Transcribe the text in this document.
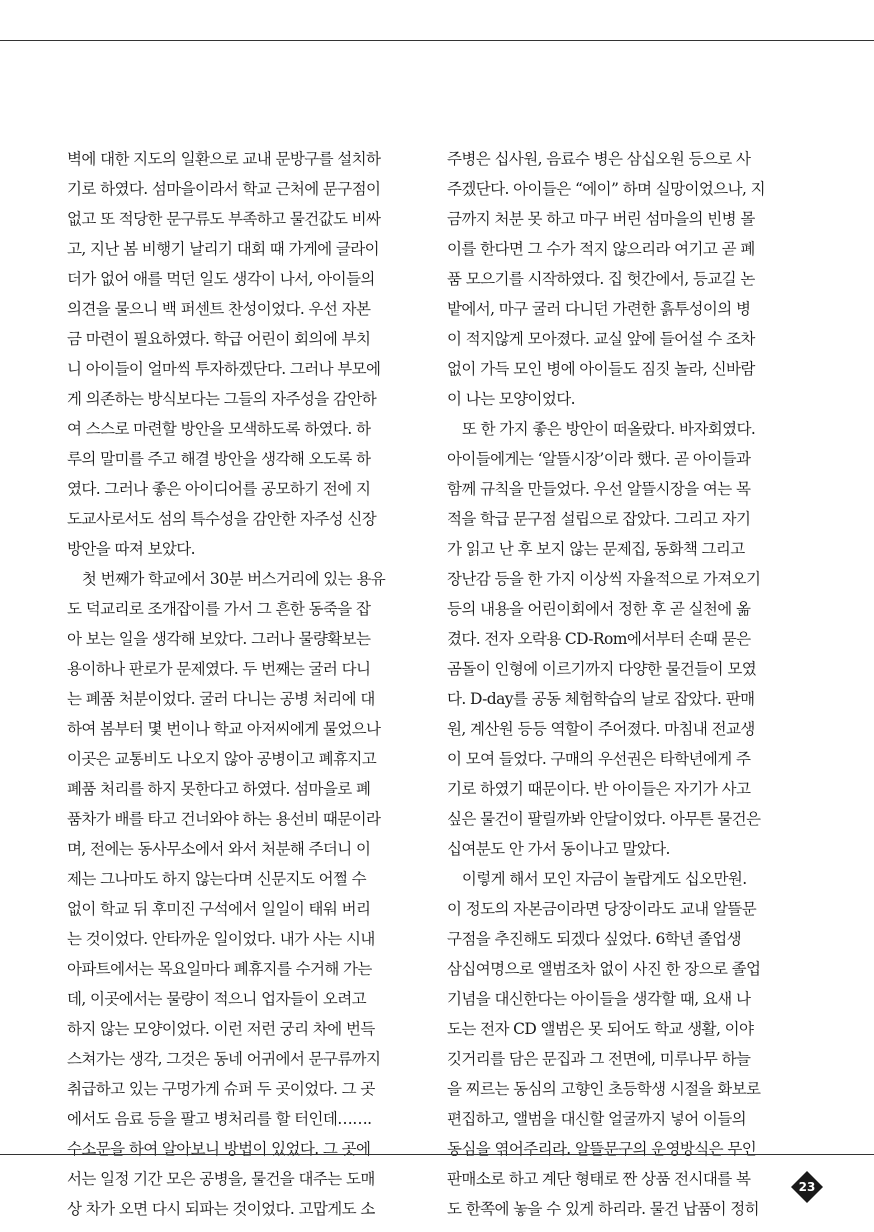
벽에 대한 지도의 일환으로 교내 문방구를 설치하
기로 하였다. 섬마을이라서 학교 근처에 문구점이
없고 또 적당한 문구류도 부족하고 물건값도 비싸
고, 지난 봄 비행기 날리기 대회 때 가게에 글라이
더가 없어 애를 먹던 일도 생각이 나서, 아이들의
의견을 물으니 백 퍼센트 찬성이었다. 우선 자본
금 마련이 필요하였다. 학급 어린이 회의에 부치
니 아이들이 얼마씩 투자하겠단다. 그러나 부모에
게 의존하는 방식보다는 그들의 자주성을 감안하
여 스스로 마련할 방안을 모색하도록 하였다. 하
루의 말미를 주고 해결 방안을 생각해 오도록 하
였다. 그러나 좋은 아이디어를 공모하기 전에 지
도교사로서도 섬의 특수성을 감안한 자주성 신장
방안을 따져 보았다.
　첫 번째가 학교에서 30분 버스거리에 있는 용유
도 덕교리로 조개잡이를 가서 그 흔한 동죽을 잡
아 보는 일을 생각해 보았다. 그러나 물량확보는
용이하나 판로가 문제였다. 두 번째는 굴러 다니
는 폐품 처분이었다. 굴러 다니는 공병 처리에 대
하여 봄부터 몇 번이나 학교 아저씨에게 물었으나
이곳은 교통비도 나오지 않아 공병이고 폐휴지고
폐품 처리를 하지 못한다고 하였다. 섬마을로 폐
품차가 배를 타고 건너와야 하는 용선비 때문이라
며, 전에는 동사무소에서 와서 처분해 주더니 이
제는 그나마도 하지 않는다며 신문지도 어쩔 수
없이 학교 뒤 후미진 구석에서 일일이 태워 버리
는 것이었다. 안타까운 일이었다. 내가 사는 시내
아파트에서는 목요일마다 폐휴지를 수거해 가는
데, 이곳에서는 물량이 적으니 업자들이 오려고
하지 않는 모양이었다. 이런 저런 궁리 차에 번득
스쳐가는 생각, 그것은 동네 어귀에서 문구류까지
취급하고 있는 구멍가게 슈퍼 두 곳이었다. 그 곳
에서도 음료 등을 팔고 병처리를 할 터인데…….
수소문을 하여 알아보니 방법이 있었다. 그 곳에
서는 일정 기간 모은 공병을, 물건을 대주는 도매
상 차가 오면 다시 되파는 것이었다. 고맙게도 소
주병은 십사원, 음료수 병은 삼십오원 등으로 사
주겠단다. 아이들은 “에이” 하며 실망이었으나, 지
금까지 처분 못 하고 마구 버린 섬마을의 빈병 몰
이를 한다면 그 수가 적지 않으리라 여기고 곧 폐
품 모으기를 시작하였다. 집 헛간에서, 등교길 논
밭에서, 마구 굴러 다니던 가련한 흙투성이의 병
이 적지않게 모아졌다. 교실 앞에 들어설 수 조차
없이 가득 모인 병에 아이들도 짐짓 놀라, 신바람
이 나는 모양이었다.
　또 한 가지 좋은 방안이 떠올랐다. 바자회였다.
아이들에게는 ‘알뜰시장’이라 했다. 곧 아이들과
함께 규칙을 만들었다. 우선 알뜰시장을 여는 목
적을 학급 문구점 설립으로 잡았다. 그리고 자기
가 읽고 난 후 보지 않는 문제집, 동화책 그리고
장난감 등을 한 가지 이상씩 자율적으로 가져오기
등의 내용을 어린이회에서 정한 후 곧 실천에 옮
겼다. 전자 오락용 CD-Rom에서부터 손때 묻은
곰돌이 인형에 이르기까지 다양한 물건들이 모였
다. D-day를 공동 체험학습의 날로 잡았다. 판매
원, 계산원 등등 역할이 주어졌다. 마침내 전교생
이 모여 들었다. 구매의 우선권은 타학년에게 주
기로 하였기 때문이다. 반 아이들은 자기가 사고
싶은 물건이 팔릴까봐 안달이었다. 아무튼 물건은
십여분도 안 가서 동이나고 말았다.
　이렇게 해서 모인 자금이 놀랍게도 십오만원.
이 정도의 자본금이라면 당장이라도 교내 알뜰문
구점을 추진해도 되겠다 싶었다. 6학년 졸업생
삼십여명으로 앨범조차 없이 사진 한 장으로 졸업
기념을 대신한다는 아이들을 생각할 때, 요새 나
도는 전자 CD 앨범은 못 되어도 학교 생활, 이야
깃거리를 담은 문집과 그 전면에, 미루나무 하늘
을 찌르는 동심의 고향인 초등학생 시절을 화보로
편집하고, 앨범을 대신할 얼굴까지 넣어 이들의
동심을 엮어주리라. 알뜰문구의 운영방식은 무인
판매소로 하고 계단 형태로 짠 상품 전시대를 복
도 한쪽에 놓을 수 있게 하리라. 물건 납품이 정히
23
